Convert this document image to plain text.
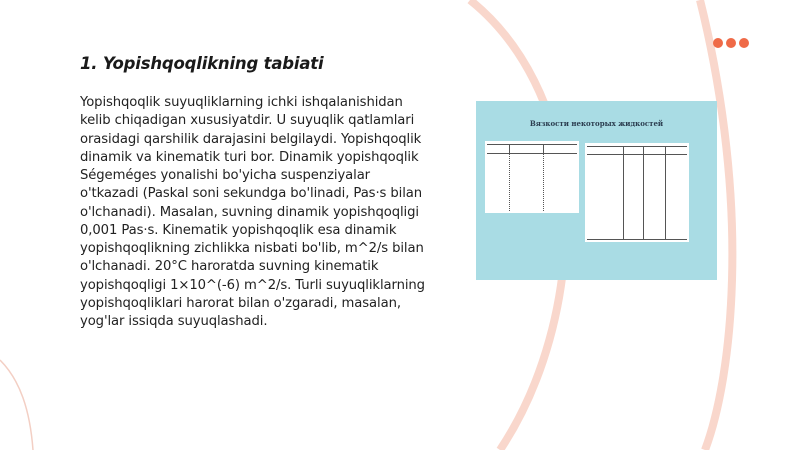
1. Yopishqoqlikning tabiati

Yopishqoqlik suyuqliklarning ichki ishqalanishidan kelib chiqadigan xususiyatdir. U suyuqlik qatlamlari orasidagi qarshilik darajasini belgilaydi. Yopishqoqlik dinamik va kinematik turi bor. Dinamik yopishqoqlik Ségeméges yonalishi bo'yicha suspenziyalar o'tkazadi (Paskal soni sekundga bo'linadi, Pas·s bilan o'lchanadi). Masalan, suvning dinamik yopishqoqligi 0,001 Pas·s. Kinematik yopishqoqlik esa dinamik yopishqoqlikning zichlikka nisbati bo'lib, m^2/s bilan o'lchanadi. 20°C haroratda suvning kinematik yopishqoqligi 1×10^(-6) m^2/s. Turli suyuqliklarning yopishqoqliklari harorat bilan o'zgaradi, masalan, yog'lar issiqda suyuqlashadi.

Вязкости некоторых жидкостей
